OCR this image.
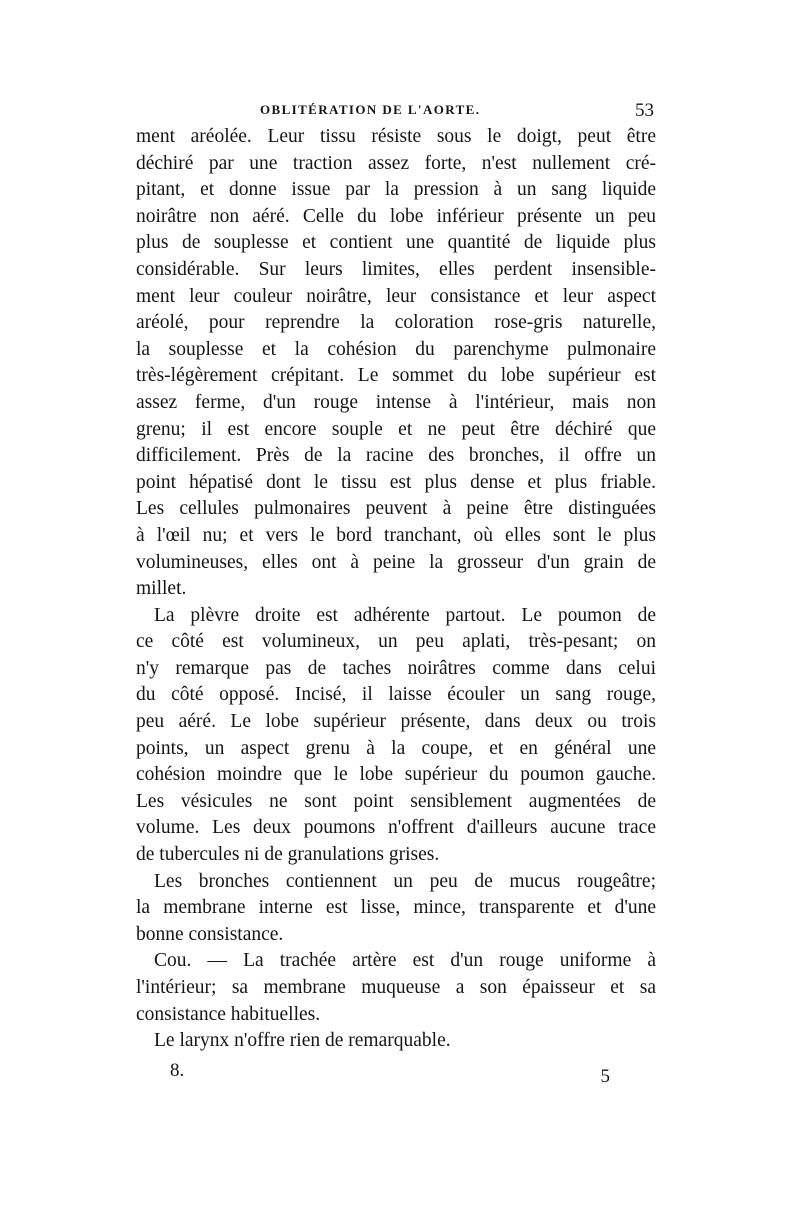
OBLITÉRATION DE L'AORTE.	53
ment aréolée. Leur tissu résiste sous le doigt, peut être
déchiré par une traction assez forte, n'est nullement cré-
pitant, et donne issue par la pression à un sang liquide
noirâtre non aéré. Celle du lobe inférieur présente un peu
plus de souplesse et contient une quantité de liquide plus
considérable. Sur leurs limites, elles perdent insensible-
ment leur couleur noirâtre, leur consistance et leur aspect
aréolé, pour reprendre la coloration rose-gris naturelle,
la souplesse et la cohésion du parenchyme pulmonaire
très-légèrement crépitant. Le sommet du lobe supérieur est
assez ferme, d'un rouge intense à l'intérieur, mais non
grenu; il est encore souple et ne peut être déchiré que
difficilement. Près de la racine des bronches, il offre un
point hépatisé dont le tissu est plus dense et plus friable.
Les cellules pulmonaires peuvent à peine être distinguées
à l'œil nu; et vers le bord tranchant, où elles sont le plus
volumineuses, elles ont à peine la grosseur d'un grain de
millet.
La plèvre droite est adhérente partout. Le poumon de
ce côté est volumineux, un peu aplati, très-pesant; on
n'y remarque pas de taches noirâtres comme dans celui
du côté opposé. Incisé, il laisse écouler un sang rouge,
peu aéré. Le lobe supérieur présente, dans deux ou trois
points, un aspect grenu à la coupe, et en général une
cohésion moindre que le lobe supérieur du poumon gauche.
Les vésicules ne sont point sensiblement augmentées de
volume. Les deux poumons n'offrent d'ailleurs aucune trace
de tubercules ni de granulations grises.
Les bronches contiennent un peu de mucus rougeâtre;
la membrane interne est lisse, mince, transparente et d'une
bonne consistance.
Cou. — La trachée artère est d'un rouge uniforme à
l'intérieur; sa membrane muqueuse a son épaisseur et sa
consistance habituelles.
Le larynx n'offre rien de remarquable.
8.	5
